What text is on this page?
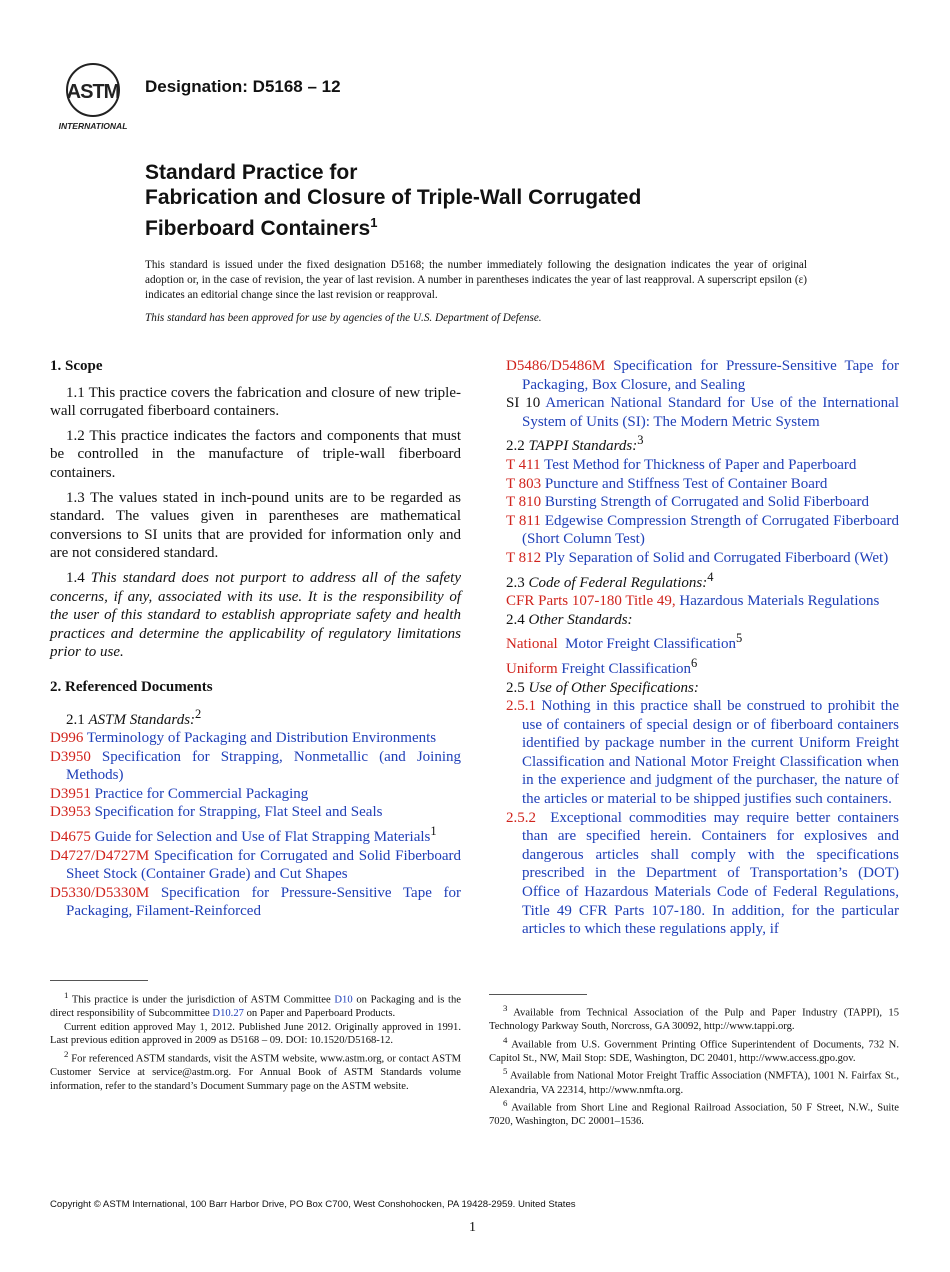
ASTM
INTERNATIONAL
Designation: D5168 – 12
Standard Practice for
Fabrication and Closure of Triple-Wall Corrugated
Fiberboard Containers$^1$
This standard is issued under the fixed designation D5168; the number immediately following the designation indicates the year of original adoption or, in the case of revision, the year of last revision. A number in parentheses indicates the year of last reapproval. A superscript epsilon (ε) indicates an editorial change since the last revision or reapproval.
This standard has been approved for use by agencies of the U.S. Department of Defense.
1. Scope

1.1 This practice covers the fabrication and closure of new triple-wall corrugated fiberboard containers.

1.2 This practice indicates the factors and components that must be controlled in the manufacture of triple-wall fiberboard containers.

1.3 The values stated in inch-pound units are to be regarded as standard. The values given in parentheses are mathematical conversions to SI units that are provided for information only and are not considered standard.

1.4 This standard does not purport to address all of the safety concerns, if any, associated with its use. It is the responsibility of the user of this standard to establish appropriate safety and health practices and determine the applicability of regulatory limitations prior to use.

2. Referenced Documents

2.1 ASTM Standards:$^2$

D996 Terminology of Packaging and Distribution Environments

D3950 Specification for Strapping, Nonmetallic (and Joining Methods)

D3951 Practice for Commercial Packaging

D3953 Specification for Strapping, Flat Steel and Seals

D4675 Guide for Selection and Use of Flat Strapping Materials$^1$

D4727/D4727M Specification for Corrugated and Solid Fiberboard Sheet Stock (Container Grade) and Cut Shapes

D5330/D5330M Specification for Pressure-Sensitive Tape for Packaging, Filament-Reinforced

D5486/D5486M Specification for Pressure-Sensitive Tape for Packaging, Box Closure, and Sealing

SI 10 American National Standard for Use of the International System of Units (SI): The Modern Metric System

2.2 TAPPI Standards:$^3$

T 411 Test Method for Thickness of Paper and Paperboard

T 803 Puncture and Stiffness Test of Container Board

T 810 Bursting Strength of Corrugated and Solid Fiberboard

T 811 Edgewise Compression Strength of Corrugated Fiberboard (Short Column Test)

T 812 Ply Separation of Solid and Corrugated Fiberboard (Wet)

2.3 Code of Federal Regulations:$^4$

CFR Parts 107-180 Title 49, Hazardous Materials Regulations

2.4 Other Standards:

National Motor Freight Classification$^5$

Uniform Freight Classification$^6$

2.5 Use of Other Specifications:

2.5.1 Nothing in this practice shall be construed to prohibit the use of containers of special design or of fiberboard containers identified by package number in the current Uniform Freight Classification and National Motor Freight Classification when in the experience and judgment of the purchaser, the nature of the articles or material to be shipped justifies such containers.

2.5.2 Exceptional commodities may require better containers than are specified herein. Containers for explosives and dangerous articles shall comply with the specifications prescribed in the Department of Transportation’s (DOT) Office of Hazardous Materials Code of Federal Regulations, Title 49 CFR Parts 107-180. In addition, for the particular articles to which these regulations apply, if

$^1$ This practice is under the jurisdiction of ASTM Committee D10 on Packaging and is the direct responsibility of Subcommittee D10.27 on Paper and Paperboard Products.

Current edition approved May 1, 2012. Published June 2012. Originally approved in 1991. Last previous edition approved in 2009 as D5168 – 09. DOI: 10.1520/D5168-12.

$^2$ For referenced ASTM standards, visit the ASTM website, www.astm.org, or contact ASTM Customer Service at service@astm.org. For Annual Book of ASTM Standards volume information, refer to the standard’s Document Summary page on the ASTM website.

$^3$ Available from Technical Association of the Pulp and Paper Industry (TAPPI), 15 Technology Parkway South, Norcross, GA 30092, http://www.tappi.org.

$^4$ Available from U.S. Government Printing Office Superintendent of Documents, 732 N. Capitol St., NW, Mail Stop: SDE, Washington, DC 20401, http://www.access.gpo.gov.

$^5$ Available from National Motor Freight Traffic Association (NMFTA), 1001 N. Fairfax St., Alexandria, VA 22314, http://www.nmfta.org.

$^6$ Available from Short Line and Regional Railroad Association, 50 F Street, N.W., Suite 7020, Washington, DC 20001–1536.

Copyright © ASTM International, 100 Barr Harbor Drive, PO Box C700, West Conshohocken, PA 19428-2959. United States
1
